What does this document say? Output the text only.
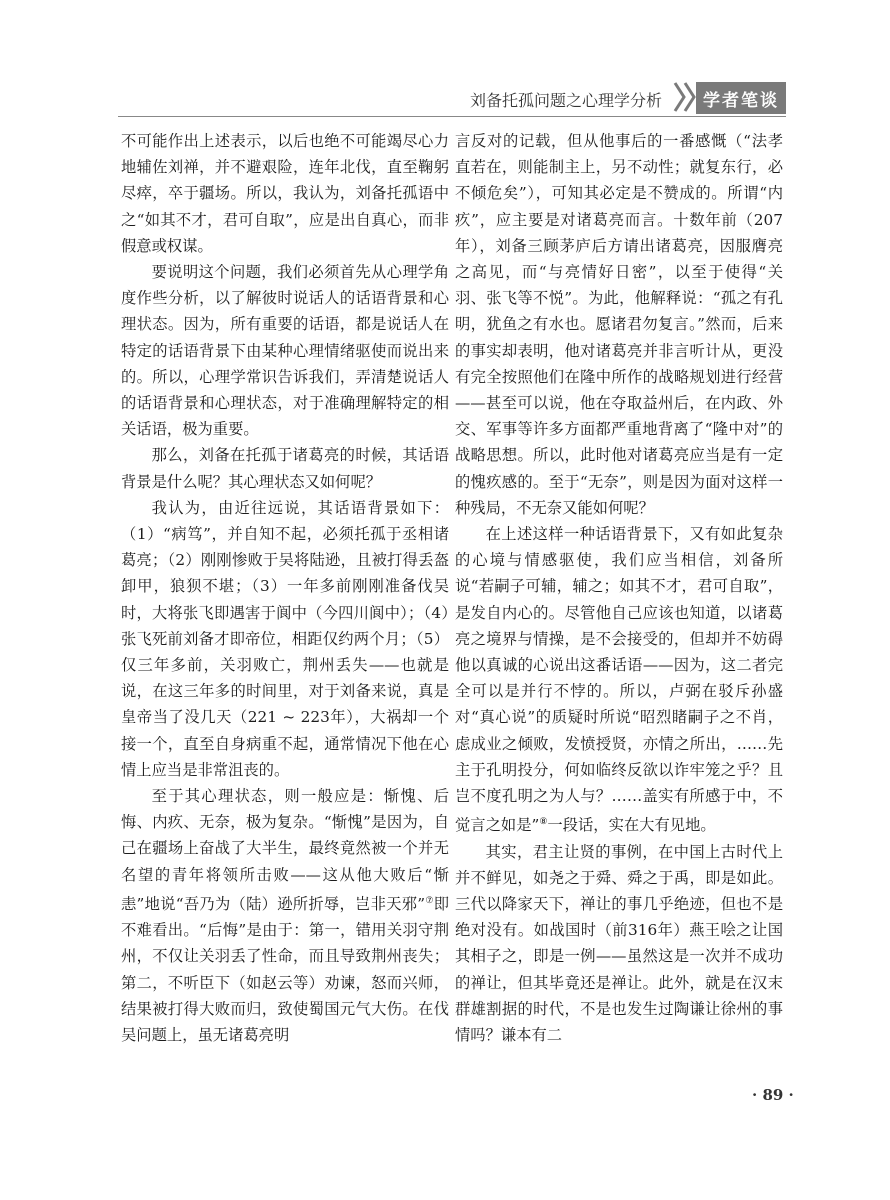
刘备托孤问题之心理学分析	学者笔谈

不可能作出上述表示，以后也绝不可能竭尽心力地辅佐刘禅，并不避艰险，连年北伐，直至鞠躬尽瘁，卒于疆场。所以，我认为，刘备托孤语中之“如其不才，君可自取”，应是出自真心，而非假意或权谋。

要说明这个问题，我们必须首先从心理学角度作些分析，以了解彼时说话人的话语背景和心理状态。因为，所有重要的话语，都是说话人在特定的话语背景下由某种心理情绪驱使而说出来的。所以，心理学常识告诉我们，弄清楚说话人的话语背景和心理状态，对于准确理解特定的相关话语，极为重要。

那么，刘备在托孤于诸葛亮的时候，其话语背景是什么呢？其心理状态又如何呢？

我认为，由近往远说，其话语背景如下：（1）“病笃”，并自知不起，必须托孤于丞相诸葛亮；（2）刚刚惨败于吴将陆逊，且被打得丢盔卸甲，狼狈不堪；（3）一年多前刚刚准备伐吴时，大将张飞即遇害于阆中（今四川阆中）；（4）张飞死前刘备才即帝位，相距仅约两个月；（5）仅三年多前，关羽败亡，荆州丢失——也就是说，在这三年多的时间里，对于刘备来说，真是皇帝当了没几天（221 ~ 223年），大祸却一个接一个，直至自身病重不起，通常情况下他在心情上应当是非常沮丧的。

至于其心理状态，则一般应是：惭愧、后悔、内疚、无奈，极为复杂。“惭愧”是因为，自己在疆场上奋战了大半生，最终竟然被一个并无名望的青年将领所击败——这从他大败后“惭恚”地说“吾乃为（陆）逊所折辱，岂非天邪”⑦即不难看出。“后悔”是由于：第一，错用关羽守荆州，不仅让关羽丢了性命，而且导致荆州丧失；第二，不听臣下（如赵云等）劝谏，怒而兴师，结果被打得大败而归，致使蜀国元气大伤。在伐吴问题上，虽无诸葛亮明

言反对的记载，但从他事后的一番感慨（“法孝直若在，则能制主上，另不动性；就复东行，必不倾危矣”），可知其必定是不赞成的。所谓“内疚”，应主要是对诸葛亮而言。十数年前（207年），刘备三顾茅庐后方请出诸葛亮，因服膺亮之高见，而“与亮情好日密”，以至于使得“关羽、张飞等不悦”。为此，他解释说：“孤之有孔明，犹鱼之有水也。愿诸君勿复言。”然而，后来的事实却表明，他对诸葛亮并非言听计从，更没有完全按照他们在隆中所作的战略规划进行经营——甚至可以说，他在夺取益州后，在内政、外交、军事等许多方面都严重地背离了“隆中对”的战略思想。所以，此时他对诸葛亮应当是有一定的愧疚感的。至于“无奈”，则是因为面对这样一种残局，不无奈又能如何呢？

在上述这样一种话语背景下，又有如此复杂的心境与情感驱使，我们应当相信，刘备所说“若嗣子可辅，辅之；如其不才，君可自取”，是发自内心的。尽管他自己应该也知道，以诸葛亮之境界与情操，是不会接受的，但却并不妨碍他以真诚的心说出这番话语——因为，这二者完全可以是并行不悖的。所以，卢弼在驳斥孙盛对“真心说”的质疑时所说“昭烈睹嗣子之不肖，虑成业之倾败，发愤授贤，亦情之所出，……先主于孔明投分，何如临终反欲以诈牢笼之乎？且岂不度孔明之为人与？……盖实有所感于中，不觉言之如是”⑧一段话，实在大有见地。

其实，君主让贤的事例，在中国上古时代上并不鲜见，如尧之于舜、舜之于禹，即是如此。三代以降家天下，禅让的事几乎绝迹，但也不是绝对没有。如战国时（前316年）燕王哙之让国其相子之，即是一例——虽然这是一次并不成功的禅让，但其毕竟还是禅让。此外，就是在汉末群雄割据的时代，不是也发生过陶谦让徐州的事情吗？谦本有二

· 89 ·
